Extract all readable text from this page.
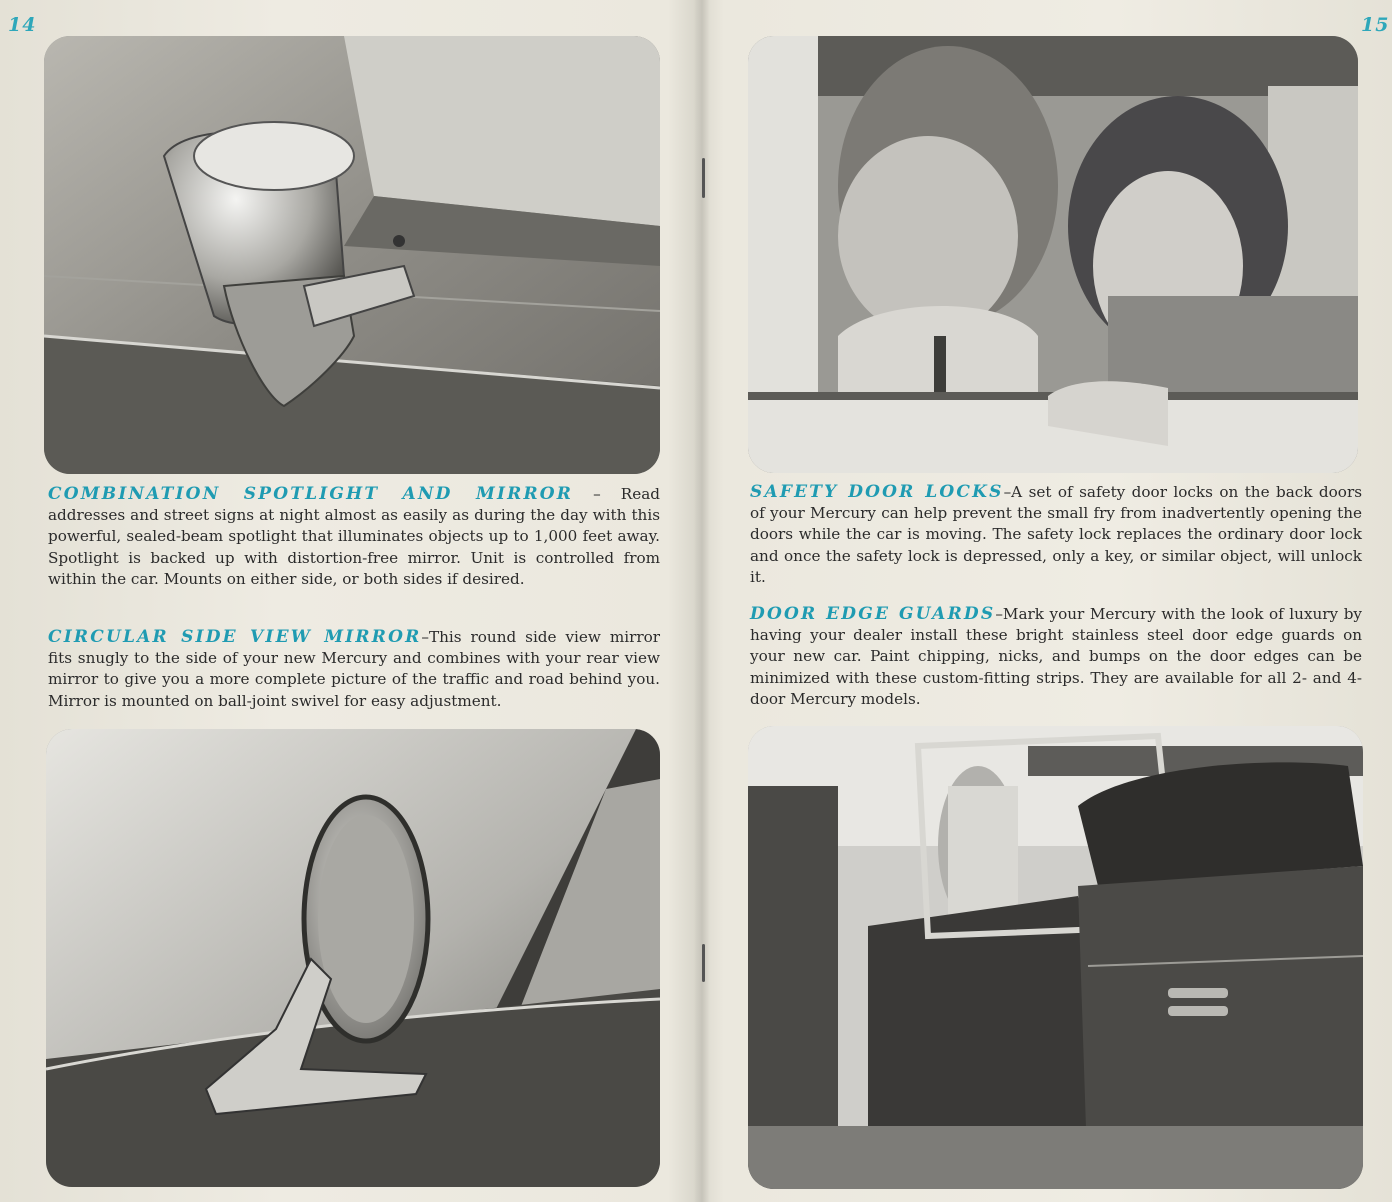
14
COMBINATION SPOTLIGHT AND MIRROR – Read addresses and street signs at night almost as easily as during the day with this powerful, sealed-beam spotlight that illuminates objects up to 1,000 feet away. Spotlight is backed up with distortion-free mirror. Unit is controlled from within the car. Mounts on either side, or both sides if desired.
CIRCULAR SIDE VIEW MIRROR–This round side view mirror fits snugly to the side of your new Mercury and combines with your rear view mirror to give you a more complete picture of the traffic and road behind you. Mirror is mounted on ball-joint swivel for easy adjustment.
15
SAFETY DOOR LOCKS–A set of safety door locks on the back doors of your Mercury can help prevent the small fry from inadvertently opening the doors while the car is moving. The safety lock replaces the ordinary door lock and once the safety lock is depressed, only a key, or similar object, will unlock it.
DOOR EDGE GUARDS–Mark your Mercury with the look of luxury by having your dealer install these bright stainless steel door edge guards on your new car. Paint chipping, nicks, and bumps on the door edges can be minimized with these custom-fitting strips. They are available for all 2- and 4-door Mercury models.
